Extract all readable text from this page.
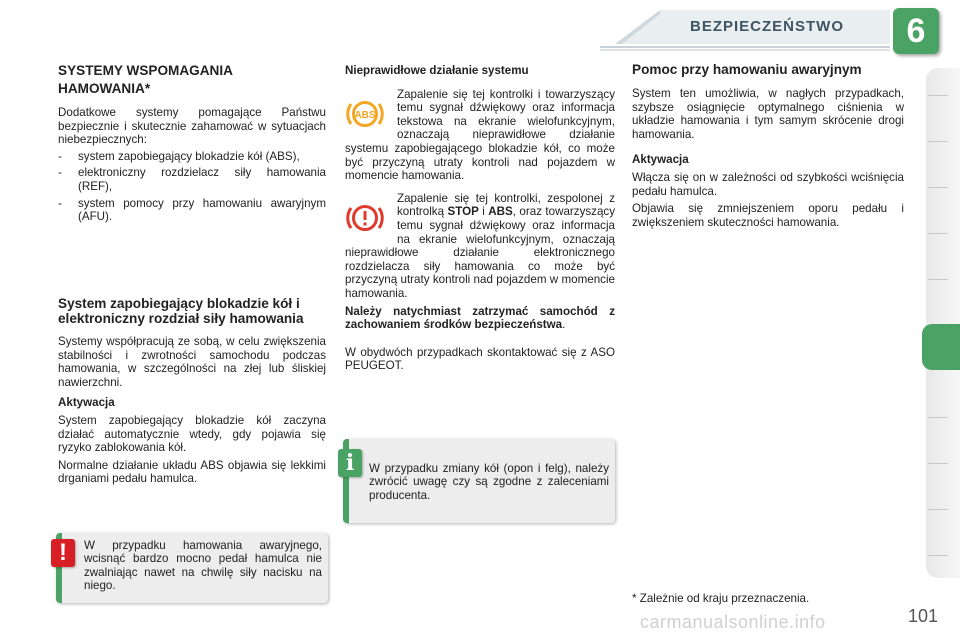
BEZPIECZEŃSTWO	6
SYSTEMY WSPOMAGANIA
HAMOWANIA*

Dodatkowe systemy pomagające Państwu bezpiecznie i skutecznie zahamować w sytuacjach niebezpiecznych:

- system zapobiegający blokadzie kół (ABS),
- elektroniczny rozdzielacz siły hamowania (REF),
- system pomocy przy hamowaniu awaryjnym (AFU).
System zapobiegający blokadzie kół i elektroniczny rozdział siły hamowania

Systemy współpracują ze sobą, w celu zwiększenia stabilności i zwrotności samochodu podczas hamowania, w szczególności na złej lub śliskiej nawierzchni.

Aktywacja

System zapobiegający blokadzie kół zaczyna działać automatycznie wtedy, gdy pojawia się ryzyko zablokowania kół.

Normalne działanie układu ABS objawia się lekkimi drganiami pedału hamulca.

!	W przypadku hamowania awaryjnego, wcisnąć bardzo mocno pedał hamulca nie zwalniając nawet na chwilę siły nacisku na niego.
Nieprawidłowe działanie systemu

ABS
Zapalenie się tej kontrolki i towarzyszący temu sygnał dźwiękowy oraz informacja tekstowa na ekranie wielofunkcyjnym, oznaczają nieprawidłowe działanie systemu zapobiegającego blokadzie kół, co może być przyczyną utraty kontroli nad pojazdem w momencie hamowania.

Zapalenie się tej kontrolki, zespolonej z kontrolką STOP i ABS, oraz towarzyszący temu sygnał dźwiękowy oraz informacja na ekranie wielofunkcyjnym, oznaczają nieprawidłowe działanie elektronicznego rozdzielacza siły hamowania co może być przyczyną utraty kontroli nad pojazdem w momencie hamowania.

Należy natychmiast zatrzymać samochód z zachowaniem środków bezpieczeństwa.

W obydwóch przypadkach skontaktować się z ASO PEUGEOT.

i	W przypadku zmiany kół (opon i felg), należy zwrócić uwagę czy są zgodne z zaleceniami producenta.
Pomoc przy hamowaniu awaryjnym

System ten umożliwia, w nagłych przypadkach, szybsze osiągnięcie optymalnego ciśnienia w układzie hamowania i tym samym skrócenie drogi hamowania.

Aktywacja

Włącza się on w zależności od szybkości wciśnięcia pedału hamulca.

Objawia się zmniejszeniem oporu pedału i zwiększeniem skuteczności hamowania.

* Zależnie od kraju przeznaczenia.
carmanualsonline.info	101
